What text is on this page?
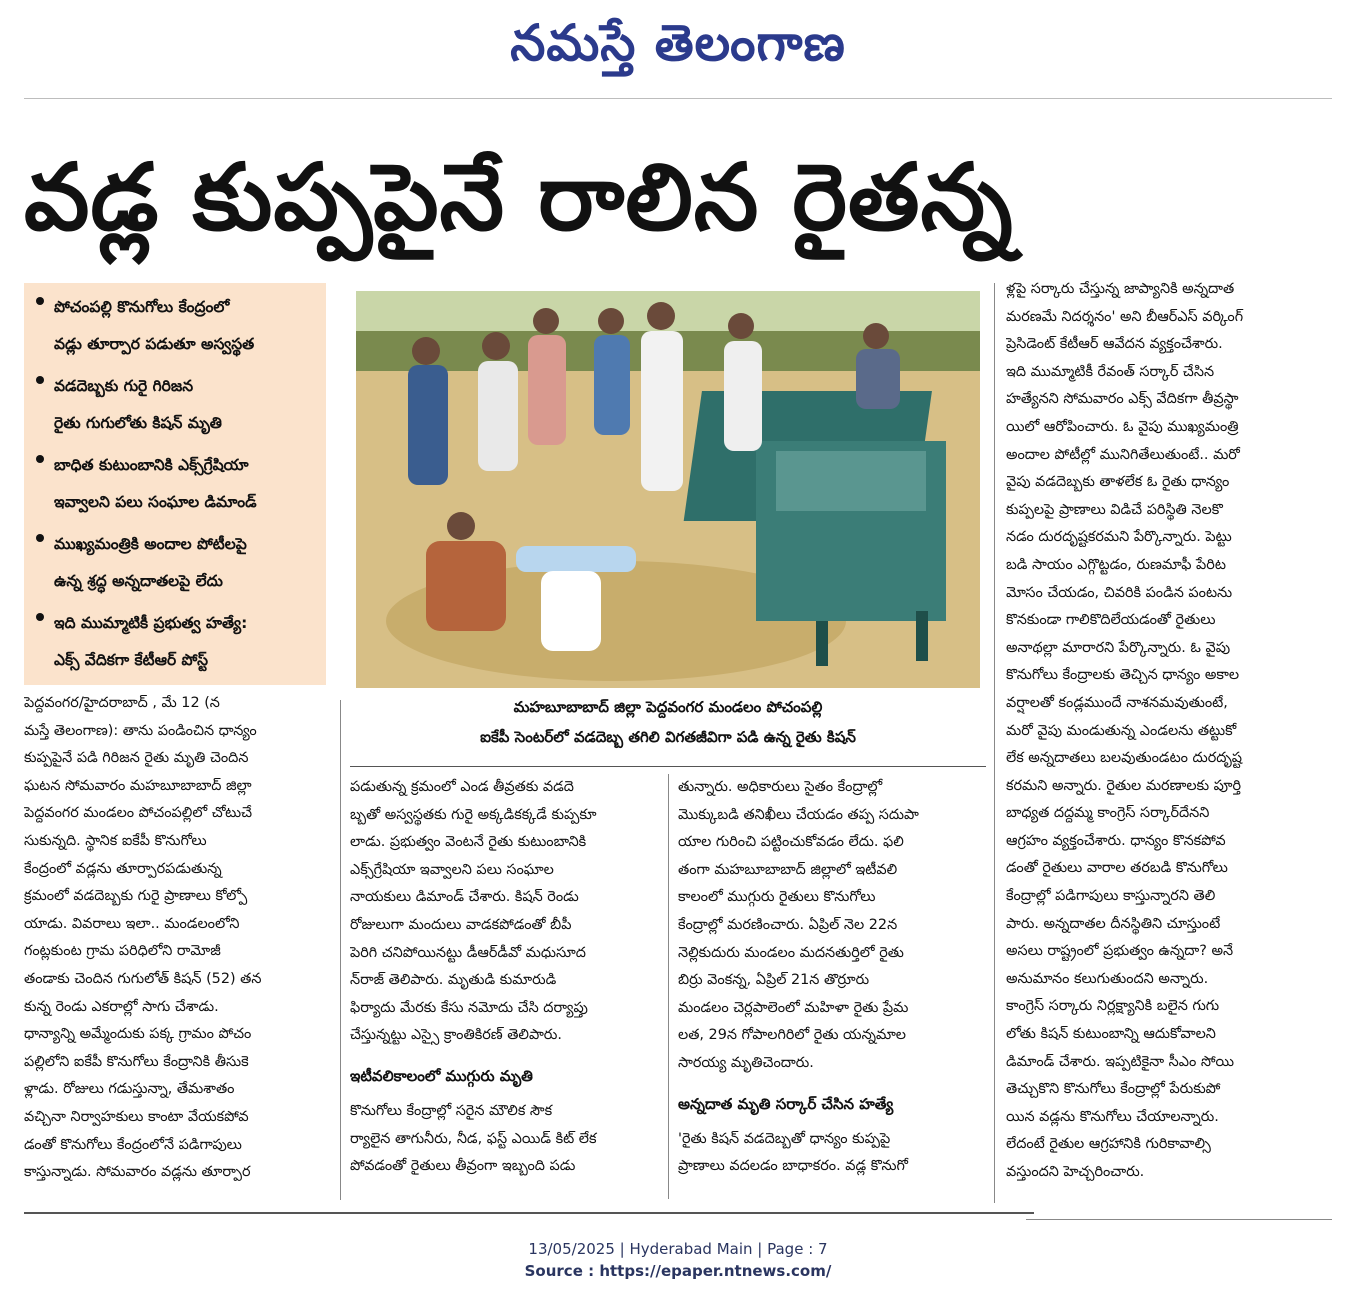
నమస్తే తెలంగాణ
వడ్ల కుప్పపైనే రాలిన రైతన్న
పోచంపల్లి కొనుగోలు కేంద్రంలో
వడ్లు తూర్పార పడుతూ అస్వస్థత
వడదెబ్బకు గురై గిరిజన
రైతు గుగులోతు కిషన్ మృతి
బాధిత కుటుంబానికి ఎక్స్‌గ్రేషియా
ఇవ్వాలని పలు సంఘాల డిమాండ్
ముఖ్యమంత్రికి అందాల పోటీలపై
ఉన్న శ్రద్ధ అన్నదాతలపై లేదు
ఇది ముమ్మాటికీ ప్రభుత్వ హత్యే:
ఎక్స్ వేదికగా కేటీఆర్ పోస్ట్
మహబూబాబాద్ జిల్లా పెద్దవంగర మండలం పోచంపల్లి
ఐకేపీ సెంటర్‌లో వడదెబ్బ తగిలి విగతజీవిగా పడి ఉన్న రైతు కిషన్
పెద్దవంగర/హైదరాబాద్ , మే 12 (న
మస్తే తెలంగాణ): తాను పండించిన ధాన్యం
కుప్పపైనే పడి గిరిజన రైతు మృతి చెందిన
ఘటన సోమవారం మహబూబాబాద్ జిల్లా
పెద్దవంగర మండలం పోచంపల్లిలో చోటుచే
సుకున్నది. స్థానిక ఐకేపీ కొనుగోలు
కేంద్రంలో వడ్లను తూర్పారపడుతున్న
క్రమంలో వడదెబ్బకు గురై ప్రాణాలు కోల్పో
యాడు. వివరాలు ఇలా.. మండలంలోని
గంట్లకుంట గ్రామ పరిధిలోని రామోజీ
తండాకు చెందిన గుగులోత్ కిషన్ (52) తన
కున్న రెండు ఎకరాల్లో సాగు చేశాడు.
ధాన్యాన్ని అమ్మేందుకు పక్క గ్రామం పోచం
పల్లిలోని ఐకేపీ కొనుగోలు కేంద్రానికి తీసుకె
ళ్లాడు. రోజులు గడుస్తున్నా, తేమశాతం
వచ్చినా నిర్వాహకులు కాంటా వేయకపోవ
డంతో కొనుగోలు కేంద్రంలోనే పడిగాపులు
కాస్తున్నాడు. సోమవారం వడ్లను తూర్పార
పడుతున్న క్రమంలో ఎండ తీవ్రతకు వడదె
బ్బతో అస్వస్థతకు గురై అక్కడికక్కడే కుప్పకూ
లాడు. ప్రభుత్వం వెంటనే రైతు కుటుంబానికి
ఎక్స్‌గ్రేషియా ఇవ్వాలని పలు సంఘాల
నాయకులు డిమాండ్ చేశారు. కిషన్ రెండు
రోజులుగా మందులు వాడకపోడంతో బీపీ
పెరిగి చనిపోయినట్టు డీఆర్‌డీవో మధుసూద
న్‌రాజ్ తెలిపారు. మృతుడి కుమారుడి
ఫిర్యాదు మేరకు కేసు నమోదు చేసి దర్యాప్తు
చేస్తున్నట్టు ఎస్సై క్రాంతికిరణ్ తెలిపారు.
ఇటీవలికాలంలో ముగ్గురు మృతి
కొనుగోలు కేంద్రాల్లో సరైన మౌలిక సౌక
ర్యాలైన తాగునీరు, నీడ, ఫస్ట్ ఎయిడ్ కిట్ లేక
పోవడంతో రైతులు తీవ్రంగా ఇబ్బంది పడు
తున్నారు. అధికారులు సైతం కేంద్రాల్లో
మొక్కుబడి తనిఖీలు చేయడం తప్ప సదుపా
యాల గురించి పట్టించుకోవడం లేదు. ఫలి
తంగా మహబూబాబాద్ జిల్లాలో ఇటీవలి
కాలంలో ముగ్గురు రైతులు కొనుగోలు
కేంద్రాల్లో మరణించారు. ఏప్రిల్ నెల 22న
నెల్లికుదురు మండలం మదనతుర్తిలో రైతు
బిర్రు వెంకన్న, ఏప్రిల్ 21న తొర్రూరు
మండలం చెర్లపాలెంలో మహిళా రైతు ప్రేమ
లత, 29న గోపాలగిరిలో రైతు యన్నమాల
సారయ్య మృతిచెందారు.
అన్నదాత మృతి సర్కార్ చేసిన హత్యే
'రైతు కిషన్ వడదెబ్బతో ధాన్యం కుప్పపై
ప్రాణాలు వదలడం బాధాకరం. వడ్ల కొనుగో
ళ్లపై సర్కారు చేస్తున్న జాప్యానికి అన్నదాత
మరణమే నిదర్శనం' అని బీఆర్‌ఎస్ వర్కింగ్
ప్రెసిడెంట్ కేటీఆర్ ఆవేదన వ్యక్తంచేశారు.
ఇది ముమ్మాటికీ రేవంత్ సర్కార్ చేసిన
హత్యేనని సోమవారం ఎక్స్ వేదికగా తీవ్రస్థా
యిలో ఆరోపించారు. ఓ వైపు ముఖ్యమంత్రి
అందాల పోటీల్లో మునిగితేలుతుంటే.. మరో
వైపు వడదెబ్బకు తాళలేక ఓ రైతు ధాన్యం
కుప్పలపై ప్రాణాలు విడిచే పరిస్థితి నెలకొ
నడం దురదృష్టకరమని పేర్కొన్నారు. పెట్టు
బడి సాయం ఎగ్గొట్టడం, రుణమాఫీ పేరిట
మోసం చేయడం, చివరికి పండిన పంటను
కొనకుండా గాలికొదిలేయడంతో రైతులు
అనాథల్లా మారారని పేర్కొన్నారు. ఓ వైపు
కొనుగోలు కేంద్రాలకు తెచ్చిన ధాన్యం అకాల
వర్షాలతో కండ్లముందే నాశనమవుతుంటే,
మరో వైపు మండుతున్న ఎండలను తట్టుకో
లేక అన్నదాతలు బలవుతుండటం దురదృష్ట
కరమని అన్నారు. రైతుల మరణాలకు పూర్తి
బాధ్యత దద్దమ్మ కాంగ్రెస్ సర్కార్‌దేనని
ఆగ్రహం వ్యక్తంచేశారు. ధాన్యం కొనకపోవ
డంతో రైతులు వారాల తరబడి కొనుగోలు
కేంద్రాల్లో పడిగాపులు కాస్తున్నారని తెలి
పారు. అన్నదాతల దీనస్థితిని చూస్తుంటే
అసలు రాష్ట్రంలో ప్రభుత్వం ఉన్నదా? అనే
అనుమానం కలుగుతుందని అన్నారు.
కాంగ్రెస్ సర్కారు నిర్లక్ష్యానికి బలైన గుగు
లోతు కిషన్ కుటుంబాన్ని ఆదుకోవాలని
డిమాండ్ చేశారు. ఇప్పటికైనా సీఎం సోయి
తెచ్చుకొని కొనుగోలు కేంద్రాల్లో పేరుకుపో
యిన వడ్లను కొనుగోలు చేయాలన్నారు.
లేదంటే రైతుల ఆగ్రహానికి గురికావాల్సి
వస్తుందని హెచ్చరించారు.
13/05/2025 | Hyderabad Main | Page : 7
Source : https://epaper.ntnews.com/
